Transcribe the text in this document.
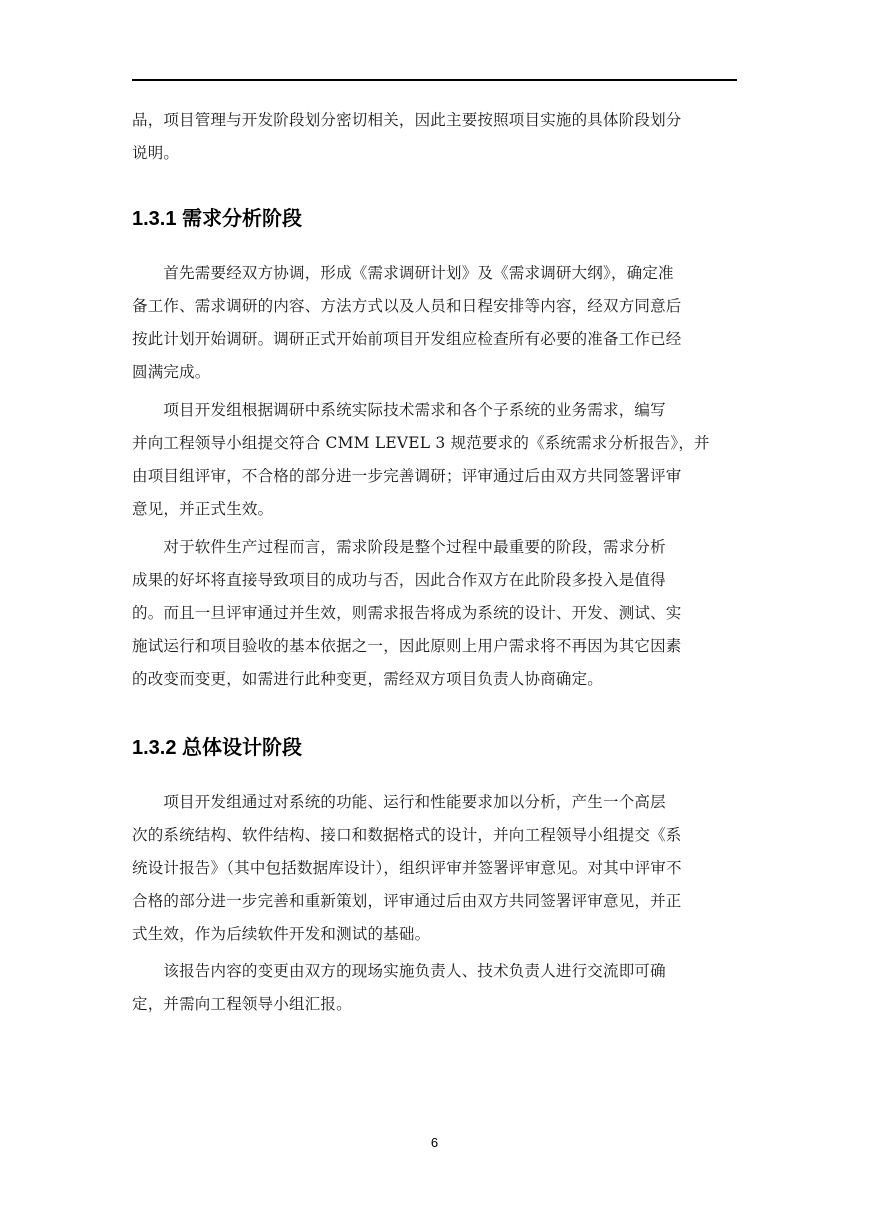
品，项目管理与开发阶段划分密切相关，因此主要按照项目实施的具体阶段划分
说明。
1.3.1 需求分析阶段
　　首先需要经双方协调，形成《需求调研计划》及《需求调研大纲》，确定准
备工作、需求调研的内容、方法方式以及人员和日程安排等内容，经双方同意后
按此计划开始调研。调研正式开始前项目开发组应检查所有必要的准备工作已经
圆满完成。
　　项目开发组根据调研中系统实际技术需求和各个子系统的业务需求，编写
并向工程领导小组提交符合 CMM LEVEL 3 规范要求的《系统需求分析报告》，并
由项目组评审，不合格的部分进一步完善调研；评审通过后由双方共同签署评审
意见，并正式生效。
　　对于软件生产过程而言，需求阶段是整个过程中最重要的阶段，需求分析
成果的好坏将直接导致项目的成功与否，因此合作双方在此阶段多投入是值得
的。而且一旦评审通过并生效，则需求报告将成为系统的设计、开发、测试、实
施试运行和项目验收的基本依据之一，因此原则上用户需求将不再因为其它因素
的改变而变更，如需进行此种变更，需经双方项目负责人协商确定。
1.3.2 总体设计阶段
　　项目开发组通过对系统的功能、运行和性能要求加以分析，产生一个高层
次的系统结构、软件结构、接口和数据格式的设计，并向工程领导小组提交《系
统设计报告》（其中包括数据库设计），组织评审并签署评审意见。对其中评审不
合格的部分进一步完善和重新策划，评审通过后由双方共同签署评审意见，并正
式生效，作为后续软件开发和测试的基础。
　　该报告内容的变更由双方的现场实施负责人、技术负责人进行交流即可确
定，并需向工程领导小组汇报。
6
